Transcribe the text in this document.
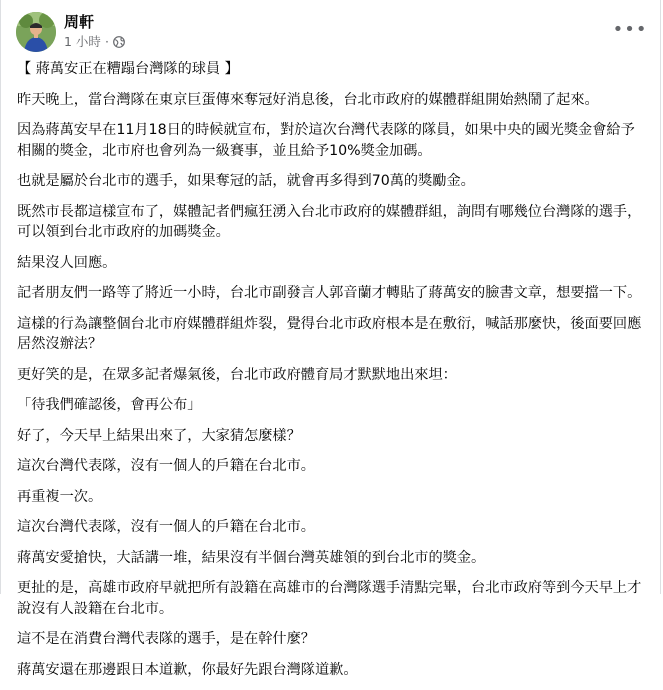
周軒
1 小時 ·
•••

【 蔣萬安正在糟蹋台灣隊的球員 】

昨天晚上，當台灣隊在東京巨蛋傳來奪冠好消息後，台北市政府的媒體群組開始熱鬧了起來。

因為蔣萬安早在11月18日的時候就宣布，對於這次台灣代表隊的隊員，如果中央的國光獎金會給予相關的獎金，北市府也會列為一級賽事，並且給予10%獎金加碼。

也就是屬於台北市的選手，如果奪冠的話，就會再多得到70萬的獎勵金。

既然市長都這樣宣布了，媒體記者們瘋狂湧入台北市政府的媒體群組，詢問有哪幾位台灣隊的選手，可以領到台北市政府的加碼獎金。

結果沒人回應。

記者朋友們一路等了將近一小時，台北市副發言人郭音蘭才轉貼了蔣萬安的臉書文章，想要擋一下。

這樣的行為讓整個台北市府媒體群組炸裂，覺得台北市政府根本是在敷衍，喊話那麼快，後面要回應居然沒辦法？

更好笑的是，在眾多記者爆氣後，台北市政府體育局才默默地出來坦：

「待我們確認後，會再公布」

好了，今天早上結果出來了，大家猜怎麼樣？

這次台灣代表隊，沒有一個人的戶籍在台北市。

再重複一次。

這次台灣代表隊，沒有一個人的戶籍在台北市。

蔣萬安愛搶快，大話講一堆，結果沒有半個台灣英雄領的到台北市的獎金。

更扯的是，高雄市政府早就把所有設籍在高雄市的台灣隊選手清點完畢，台北市政府等到今天早上才說沒有人設籍在台北市。

這不是在消費台灣代表隊的選手，是在幹什麼？

蔣萬安還在那邊跟日本道歉，你最好先跟台灣隊道歉。
